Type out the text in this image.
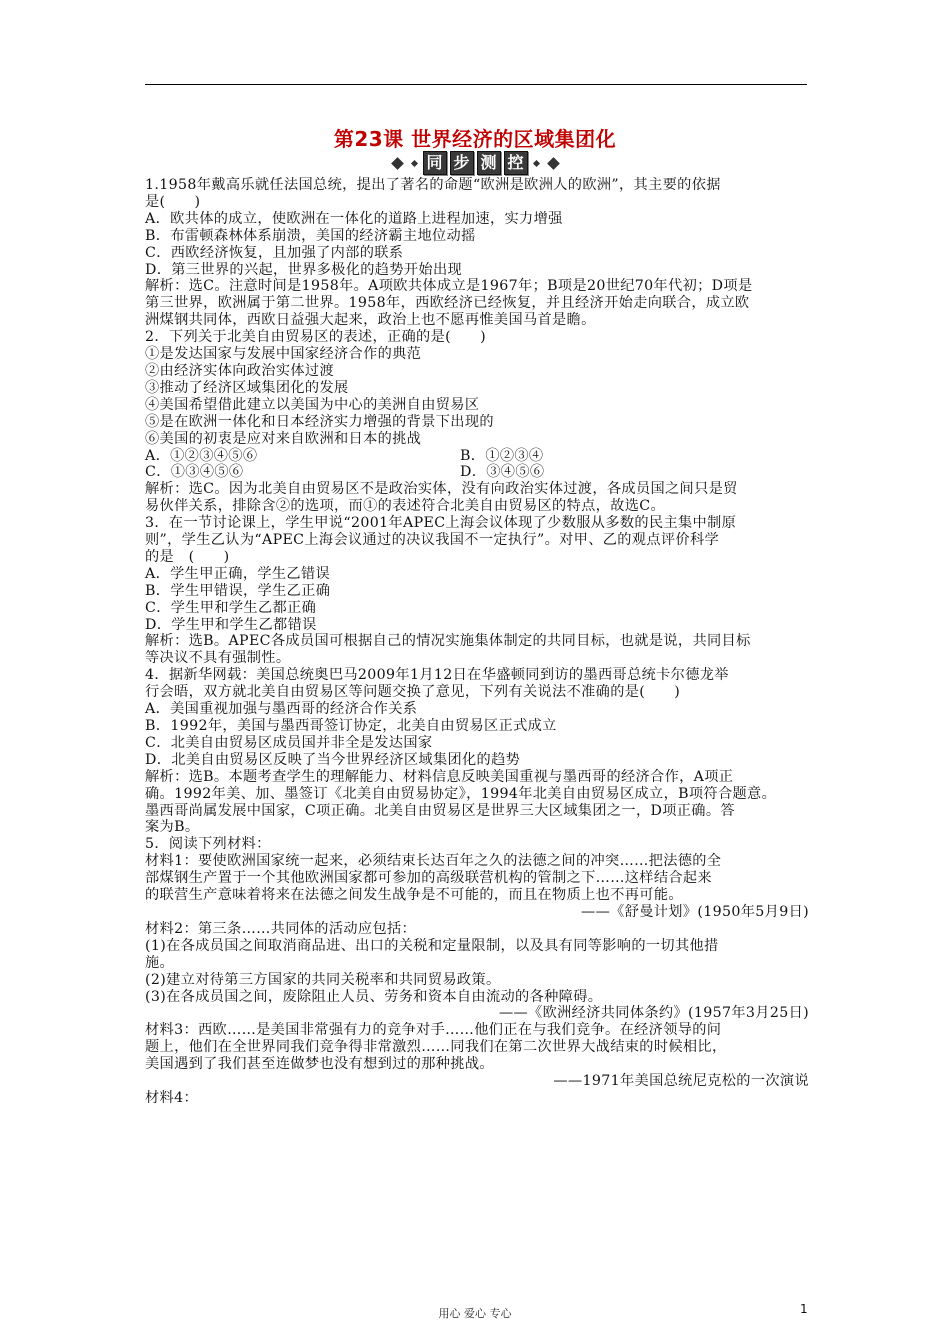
第23课 世界经济的区域集团化
同 步 测 控

1.1958年戴高乐就任法国总统，提出了著名的命题“欧洲是欧洲人的欧洲”，其主要的依据

是(　　)

A．欧共体的成立，使欧洲在一体化的道路上进程加速，实力增强

B．布雷顿森林体系崩溃，美国的经济霸主地位动摇

C．西欧经济恢复，且加强了内部的联系

D．第三世界的兴起，世界多极化的趋势开始出现

解析：选C。注意时间是1958年。A项欧共体成立是1967年；B项是20世纪70年代初；D项是

第三世界，欧洲属于第二世界。1958年，西欧经济已经恢复，并且经济开始走向联合，成立欧

洲煤钢共同体，西欧日益强大起来，政治上也不愿再惟美国马首是瞻。

2．下列关于北美自由贸易区的表述，正确的是(　　)

①是发达国家与发展中国家经济合作的典范

②由经济实体向政治实体过渡

③推动了经济区域集团化的发展

④美国希望借此建立以美国为中心的美洲自由贸易区

⑤是在欧洲一体化和日本经济实力增强的背景下出现的

⑥美国的初衷是应对来自欧洲和日本的挑战

A．①②③④⑤⑥	B．①②③④
C．①③④⑤⑥	D．③④⑤⑥

解析：选C。因为北美自由贸易区不是政治实体，没有向政治实体过渡，各成员国之间只是贸

易伙伴关系，排除含②的选项，而①的表述符合北美自由贸易区的特点，故选C。

3．在一节讨论课上，学生甲说“2001年APEC上海会议体现了少数服从多数的民主集中制原

则”，学生乙认为“APEC上海会议通过的决议我国不一定执行”。对甲、乙的观点评价科学

的是　(　　)

A．学生甲正确，学生乙错误

B．学生甲错误，学生乙正确

C．学生甲和学生乙都正确

D．学生甲和学生乙都错误

解析：选B。APEC各成员国可根据自己的情况实施集体制定的共同目标，也就是说，共同目标

等决议不具有强制性。

4．据新华网载：美国总统奥巴马2009年1月12日在华盛顿同到访的墨西哥总统卡尔德龙举

行会晤，双方就北美自由贸易区等问题交换了意见，下列有关说法不准确的是(　　)

A．美国重视加强与墨西哥的经济合作关系

B．1992年，美国与墨西哥签订协定，北美自由贸易区正式成立

C．北美自由贸易区成员国并非全是发达国家

D．北美自由贸易区反映了当今世界经济区域集团化的趋势

解析：选B。本题考查学生的理解能力、材料信息反映美国重视与墨西哥的经济合作，A项正

确。1992年美、加、墨签订《北美自由贸易协定》，1994年北美自由贸易区成立，B项符合题意。

墨西哥尚属发展中国家，C项正确。北美自由贸易区是世界三大区域集团之一，D项正确。答

案为B。

5．阅读下列材料：

材料1：要使欧洲国家统一起来，必须结束长达百年之久的法德之间的冲突……把法德的全

部煤钢生产置于一个其他欧洲国家都可参加的高级联营机构的管制之下……这样结合起来

的联营生产意味着将来在法德之间发生战争是不可能的，而且在物质上也不再可能。

——《舒曼计划》(1950年5月9日)

材料2：第三条……共同体的活动应包括：

(1)在各成员国之间取消商品进、出口的关税和定量限制，以及具有同等影响的一切其他措

施。

(2)建立对待第三方国家的共同关税率和共同贸易政策。

(3)在各成员国之间，废除阻止人员、劳务和资本自由流动的各种障碍。

——《欧洲经济共同体条约》(1957年3月25日)

材料3：西欧……是美国非常强有力的竞争对手……他们正在与我们竞争。在经济领导的问

题上，他们在全世界同我们竞争得非常激烈……同我们在第二次世界大战结束的时候相比，

美国遇到了我们甚至连做梦也没有想到过的那种挑战。

——1971年美国总统尼克松的一次演说

材料4：

用心 爱心 专心	1
